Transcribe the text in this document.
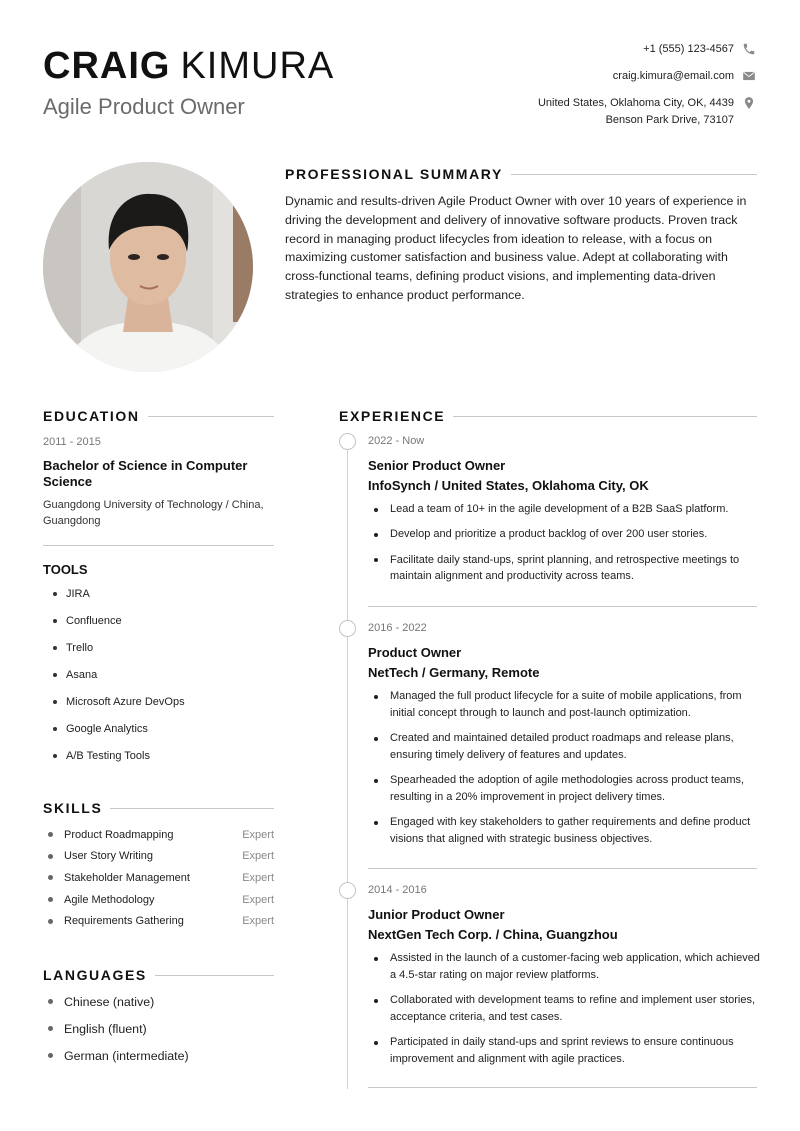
CRAIG KIMURA
Agile Product Owner
+1 (555) 123-4567
craig.kimura@email.com
United States, Oklahoma City, OK, 4439
Benson Park Drive, 73107
PROFESSIONAL SUMMARY
Dynamic and results-driven Agile Product Owner with over 10 years of experience in driving the development and delivery of innovative software products. Proven track record in managing product lifecycles from ideation to release, with a focus on maximizing customer satisfaction and business value. Adept at collaborating with cross-functional teams, defining product visions, and implementing data-driven strategies to enhance product performance.
EDUCATION
2011 - 2015
Bachelor of Science in Computer Science
Guangdong University of Technology / China, Guangdong
TOOLS
JIRA
Confluence
Trello
Asana
Microsoft Azure DevOps
Google Analytics
A/B Testing Tools
SKILLS
Product Roadmapping	Expert
User Story Writing	Expert
Stakeholder Management	Expert
Agile Methodology	Expert
Requirements Gathering	Expert
LANGUAGES
Chinese (native)
English (fluent)
German (intermediate)
EXPERIENCE
2022 - Now
Senior Product Owner
InfoSynch / United States, Oklahoma City, OK
Lead a team of 10+ in the agile development of a B2B SaaS platform.
Develop and prioritize a product backlog of over 200 user stories.
Facilitate daily stand-ups, sprint planning, and retrospective meetings to maintain alignment and productivity across teams.
2016 - 2022
Product Owner
NetTech / Germany, Remote
Managed the full product lifecycle for a suite of mobile applications, from initial concept through to launch and post-launch optimization.
Created and maintained detailed product roadmaps and release plans, ensuring timely delivery of features and updates.
Spearheaded the adoption of agile methodologies across product teams, resulting in a 20% improvement in project delivery times.
Engaged with key stakeholders to gather requirements and define product visions that aligned with strategic business objectives.
2014 - 2016
Junior Product Owner
NextGen Tech Corp. / China, Guangzhou
Assisted in the launch of a customer-facing web application, which achieved a 4.5-star rating on major review platforms.
Collaborated with development teams to refine and implement user stories, acceptance criteria, and test cases.
Participated in daily stand-ups and sprint reviews to ensure continuous improvement and alignment with agile practices.
